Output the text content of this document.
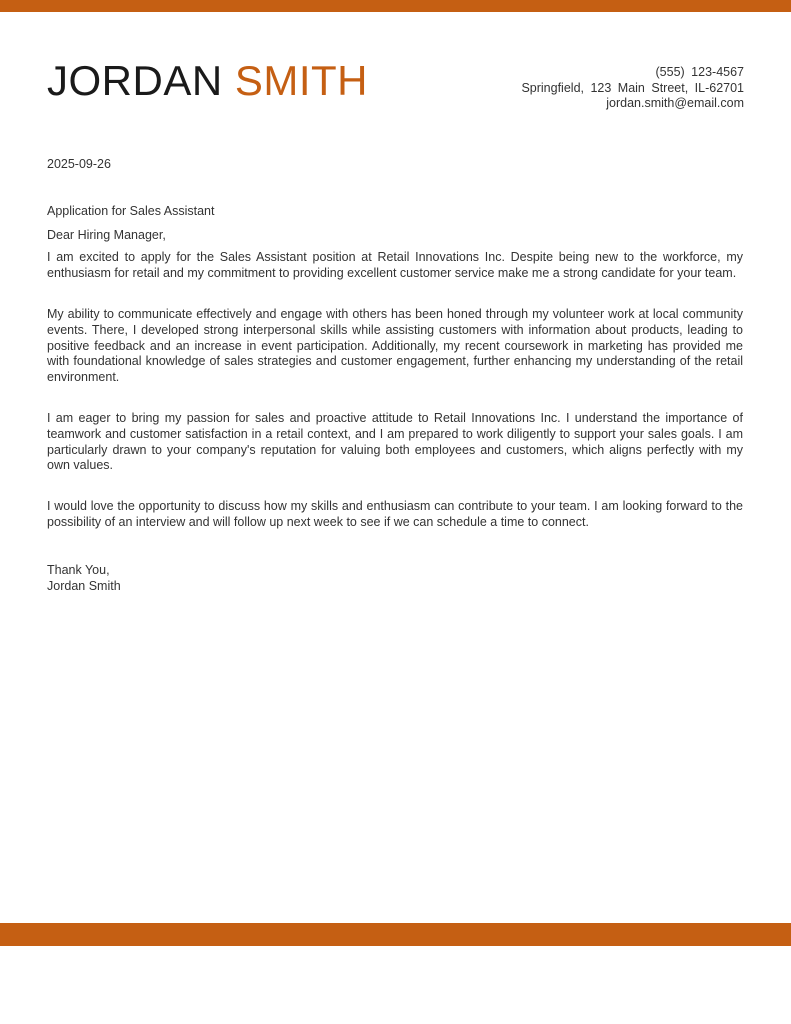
JORDAN SMITH	(555) 123-4567
Springfield, 123 Main Street, IL-62701
jordan.smith@email.com

2025-09-26

Application for Sales Assistant

Dear Hiring Manager,

I am excited to apply for the Sales Assistant position at Retail Innovations Inc. Despite being new to the workforce, my enthusiasm for retail and my commitment to providing excellent customer service make me a strong candidate for your team.

My ability to communicate effectively and engage with others has been honed through my volunteer work at local community events. There, I developed strong interpersonal skills while assisting customers with information about products, leading to positive feedback and an increase in event participation. Additionally, my recent coursework in marketing has provided me with foundational knowledge of sales strategies and customer engagement, further enhancing my understanding of the retail environment.

I am eager to bring my passion for sales and proactive attitude to Retail Innovations Inc. I understand the importance of teamwork and customer satisfaction in a retail context, and I am prepared to work diligently to support your sales goals. I am particularly drawn to your company's reputation for valuing both employees and customers, which aligns perfectly with my own values.

I would love the opportunity to discuss how my skills and enthusiasm can contribute to your team. I am looking forward to the possibility of an interview and will follow up next week to see if we can schedule a time to connect.

Thank You,

Jordan Smith
